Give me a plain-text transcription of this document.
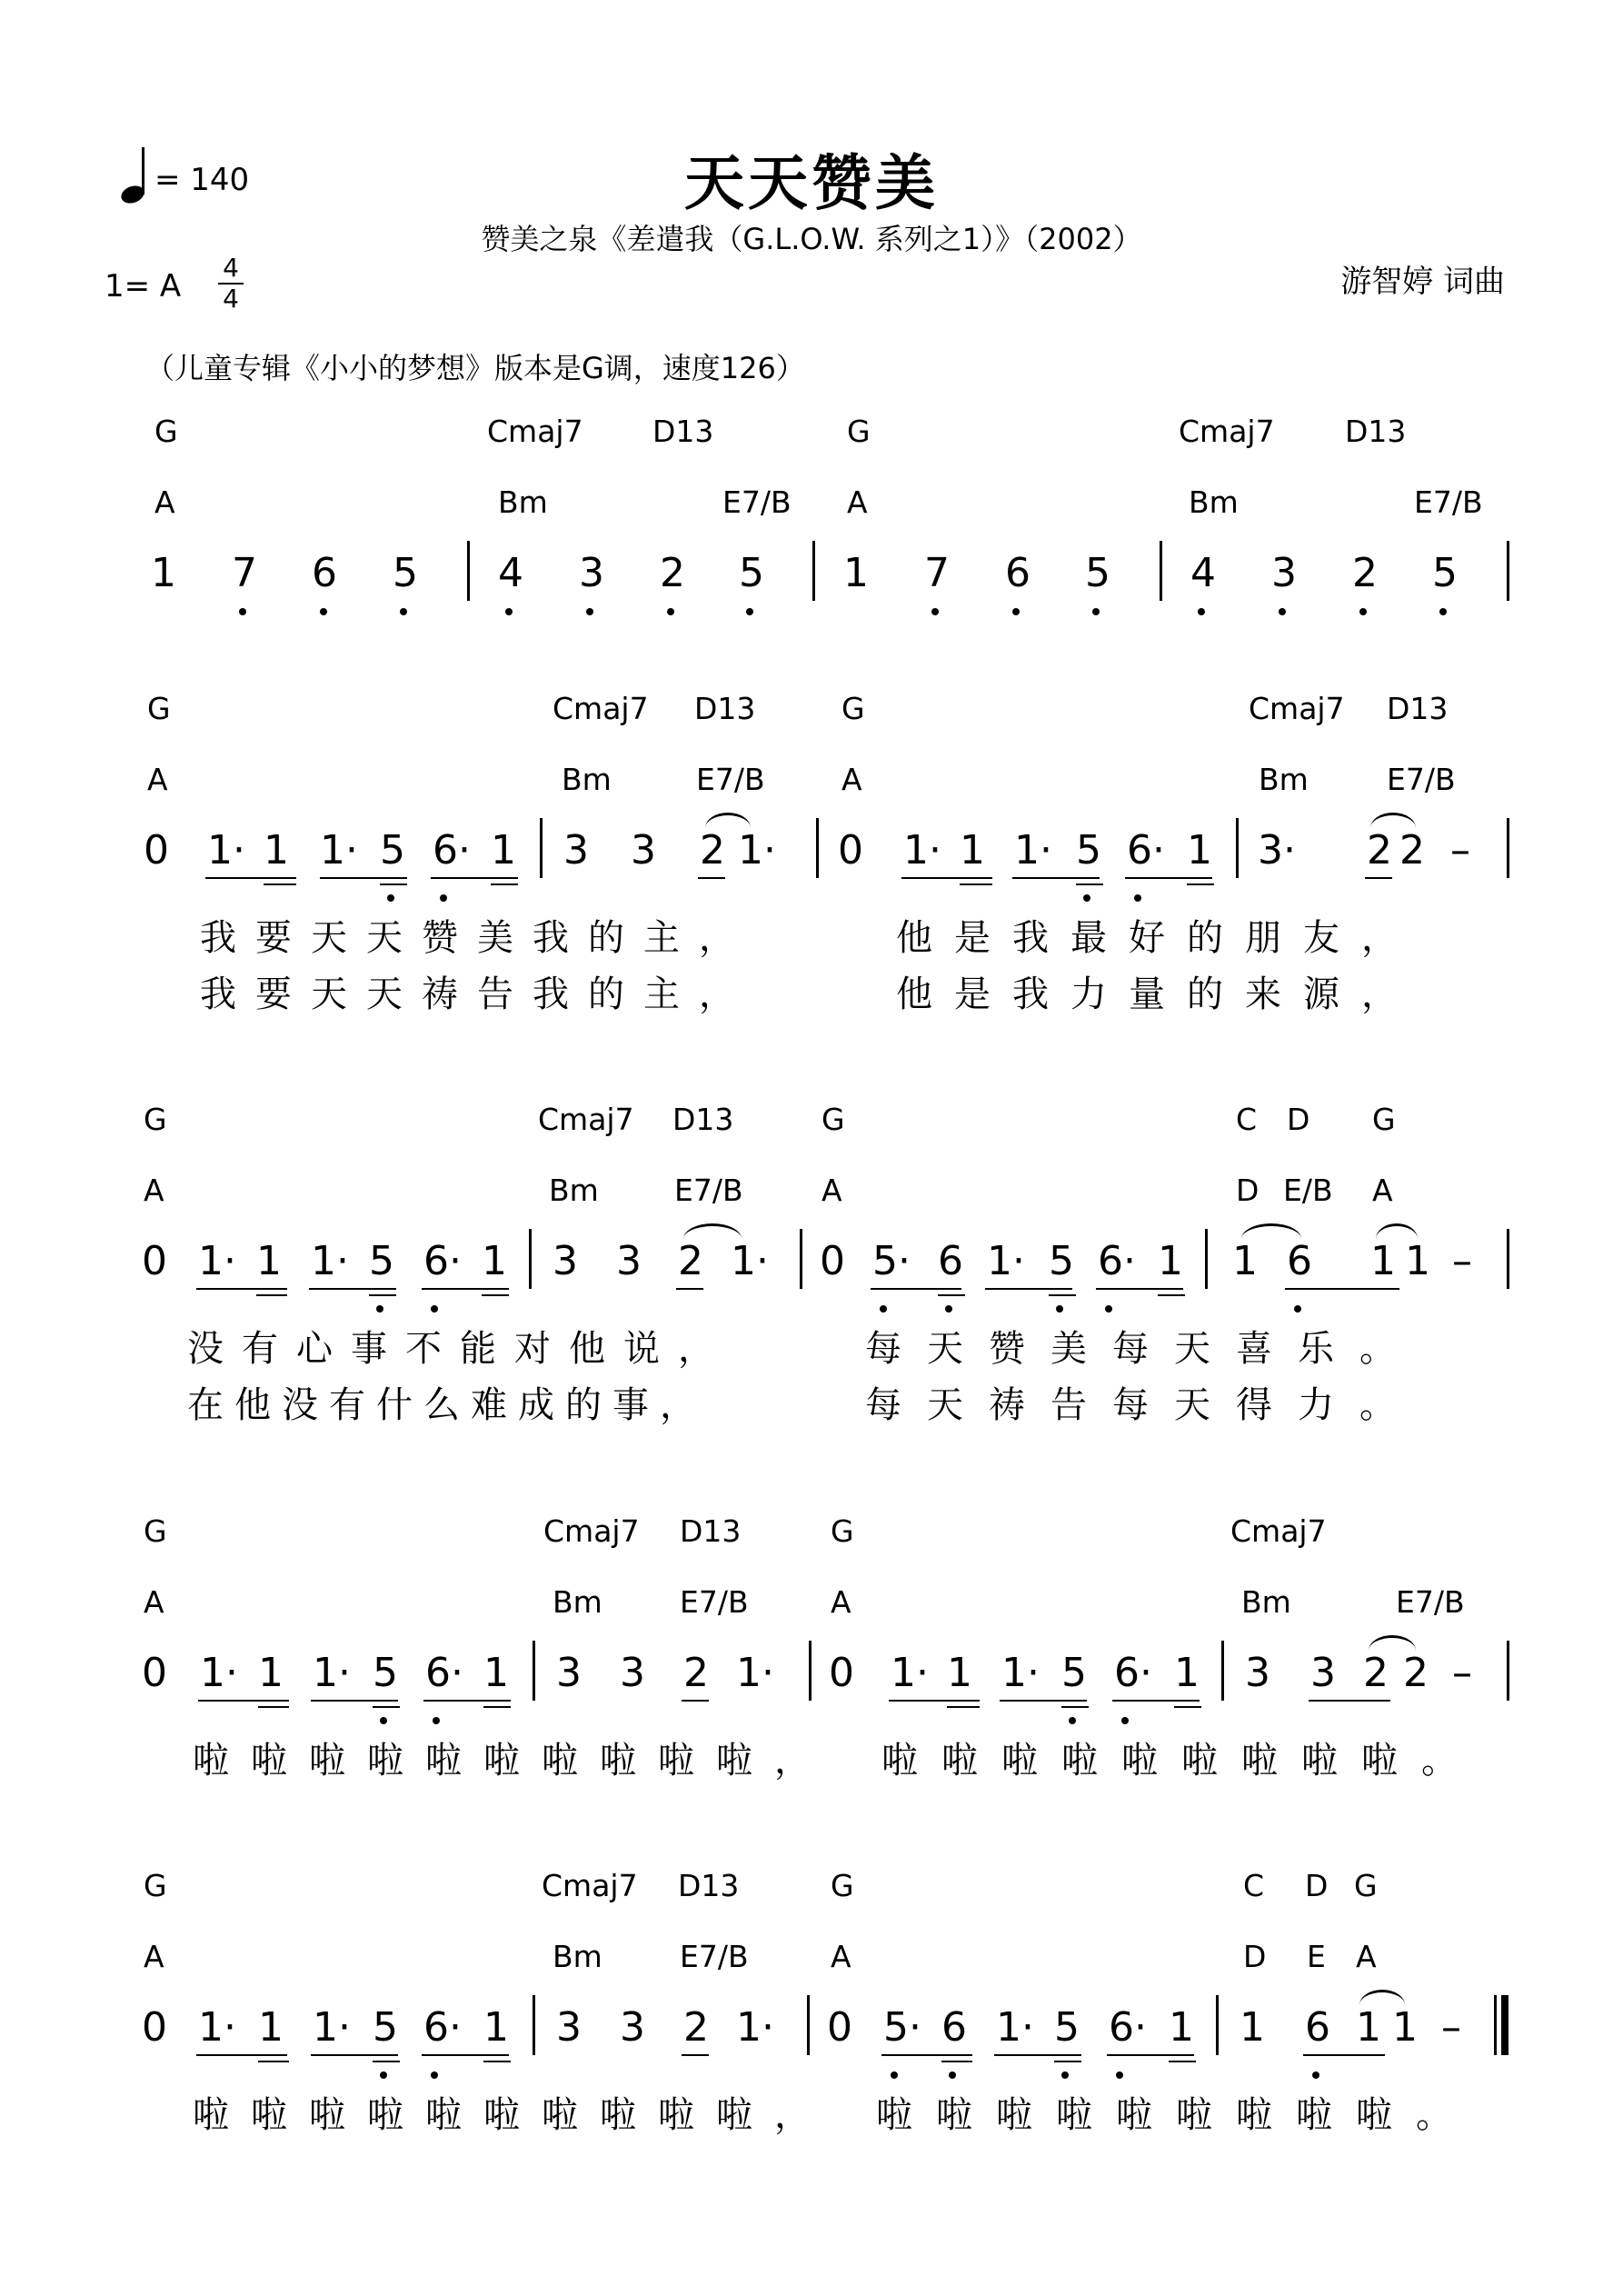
= 140	天天赞美
赞美之泉《差遣我（G.L.O.W. 系列之1）》（2002）
1= A
4
4	游智婷 词曲
（儿童专辑《小小的梦想》版本是G调，速度126）
G	Cmaj7 D13	G	Cmaj7 D13
A	Bm	E7/B A	Bm	E7/B
1 7 6 5 4 3 2 5 1 7 6 5 4 3 2 5
G	Cmaj7 D13	G	Cmaj7 D13
A	Bm	E7/B	A	Bm	E7/B
0 1· 1 1· 5 6· 1 3 3 2 1· 0 1· 1 1· 5 6· 1 3· 2 2 –
我要天天赞美我的主，	他是我最好的朋友，
我要天天祷告我的主，	他是我力量的来源，
G	Cmaj7 D13	G	C D G
A	Bm	E7/B	A	D E/B A
0 1· 1 1· 5 6· 1 3 3 2 1· 0 5· 6 1· 5 6· 1 1 6 1 1 –
没有心事不能对他说，	每天赞美每天喜乐。
在他没有什么难成的事，	每天祷告每天得力。
G	Cmaj7 D13	G	Cmaj7
A	Bm	E7/B	A	Bm	E7/B
0 1· 1 1· 5 6· 1 3 3 2 1· 0 1· 1 1· 5 6· 1 3 3 2 2 –
啦啦啦啦啦啦啦啦啦啦， 啦啦啦啦啦啦啦啦啦。
G	Cmaj7 D13	G	C D G
A	Bm	E7/B	A	D E A
0 1· 1 1· 5 6· 1 3 3 2 1· 0 5· 6 1· 5 6· 1 1 6 1 1 –
啦啦啦啦啦啦啦啦啦啦， 啦啦啦啦啦啦啦啦啦。
